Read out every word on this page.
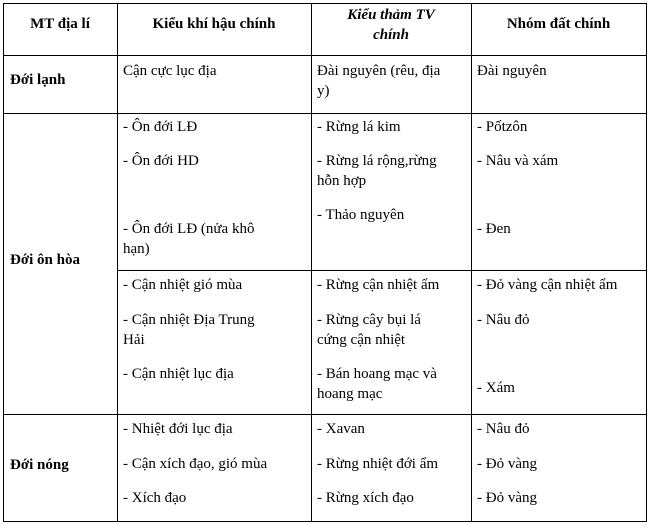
MT địa lí	Kiểu khí hậu chính
Kiểu thảm TV
chính
Nhóm đất chính
Đới lạnh
Cận cực lục địa	Đài nguyên (rêu, địa
y)
Đài nguyên
Đới ôn hòa
- Ôn đới LĐ
- Ôn đới HD
- Ôn đới LĐ (nửa khô
hạn)
- Rừng lá kim
- Rừng lá rộng,rừng
hỗn hợp
- Thảo nguyên
- Pốtzôn
- Nâu và xám
- Đen
- Cận nhiệt gió mùa
- Cận nhiệt Địa Trung
Hải
- Cận nhiệt lục địa
- Rừng cận nhiệt ẩm
- Rừng cây bụi lá
cứng cận nhiệt
- Bán hoang mạc và
hoang mạc
- Đỏ vàng cận nhiệt ẩm
- Nâu đỏ
- Xám
Đới nóng
- Nhiệt đới lục địa
- Cận xích đạo, gió mùa
- Xích đạo
- Xavan
- Rừng nhiệt đới ẩm
- Rừng xích đạo
- Nâu đỏ
- Đỏ vàng
- Đỏ vàng
